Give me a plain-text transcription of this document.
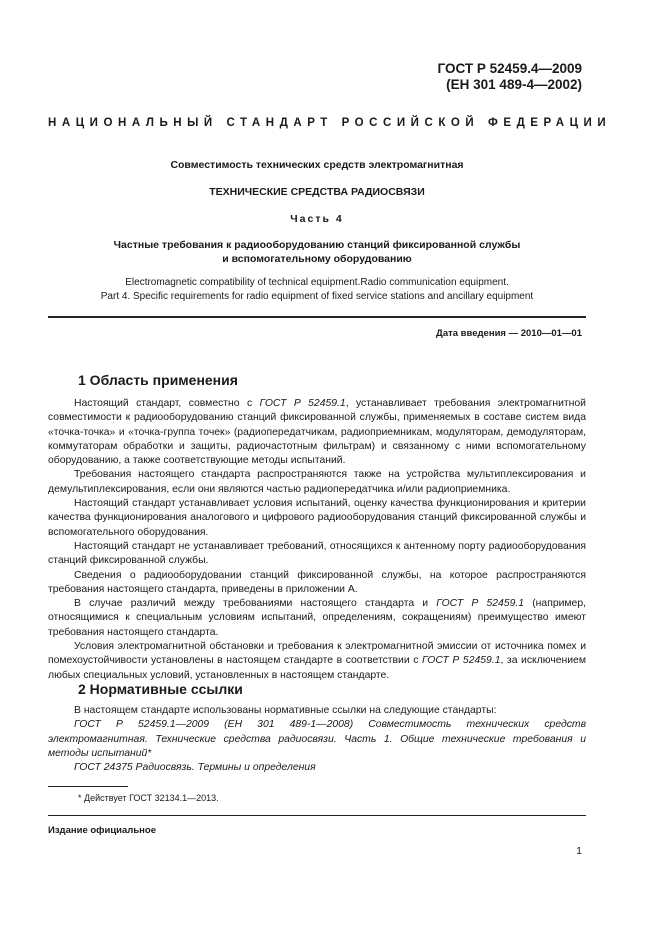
ГОСТ Р 52459.4—2009
(ЕН 301 489-4—2002)
НАЦИОНАЛЬНЫЙ СТАНДАРТ РОССИЙСКОЙ ФЕДЕРАЦИИ
Совместимость технических средств электромагнитная
ТЕХНИЧЕСКИЕ СРЕДСТВА РАДИОСВЯЗИ
Часть 4
Частные требования к радиооборудованию станций фиксированной службы
и вспомогательному оборудованию
Electromagnetic compatibility of technical equipment.Radio communication equipment.
Part 4. Specific requirements for radio equipment of fixed service stations and ancillary equipment
Дата введения — 2010—01—01
1 Область применения

Настоящий стандарт, совместно с ГОСТ Р 52459.1, устанавливает требования электромагнитной совместимости к радиооборудованию станций фиксированной службы, применяемых в составе систем вида «точка-точка» и «точка-группа точек» (радиопередатчикам, радиоприемникам, модуляторам, демодуляторам, коммутаторам обработки и защиты, радиочастотным фильтрам) и связанному с ними вспомогательному оборудованию, а также соответствующие методы испытаний.

Требования настоящего стандарта распространяются также на устройства мультиплексирования и демультиплексирования, если они являются частью радиопередатчика и/или радиоприемника.

Настоящий стандарт устанавливает условия испытаний, оценку качества функционирования и критерии качества функционирования аналогового и цифрового радиооборудования станций фиксированной службы и вспомогательного оборудования.

Настоящий стандарт не устанавливает требований, относящихся к антенному порту радиооборудования станций фиксированной службы.

Сведения о радиооборудовании станций фиксированной службы, на которое распространяются требования настоящего стандарта, приведены в приложении А.

В случае различий между требованиями настоящего стандарта и ГОСТ Р 52459.1 (например, относящимися к специальным условиям испытаний, определениям, сокращениям) преимущество имеют требования настоящего стандарта.

Условия электромагнитной обстановки и требования к электромагнитной эмиссии от источника помех и помехоустойчивости установлены в настоящем стандарте в соответствии с ГОСТ Р 52459.1, за исключением любых специальных условий, установленных в настоящем стандарте.

2 Нормативные ссылки

В настоящем стандарте использованы нормативные ссылки на следующие стандарты:

ГОСТ Р 52459.1—2009 (ЕН 301 489-1—2008) Совместимость технических средств электромагнитная. Технические средства радиосвязи. Часть 1. Общие технические требования и методы испытаний*

ГОСТ 24375 Радиосвязь. Термины и определения

* Действует ГОСТ 32134.1—2013.
Издание официальное
1
